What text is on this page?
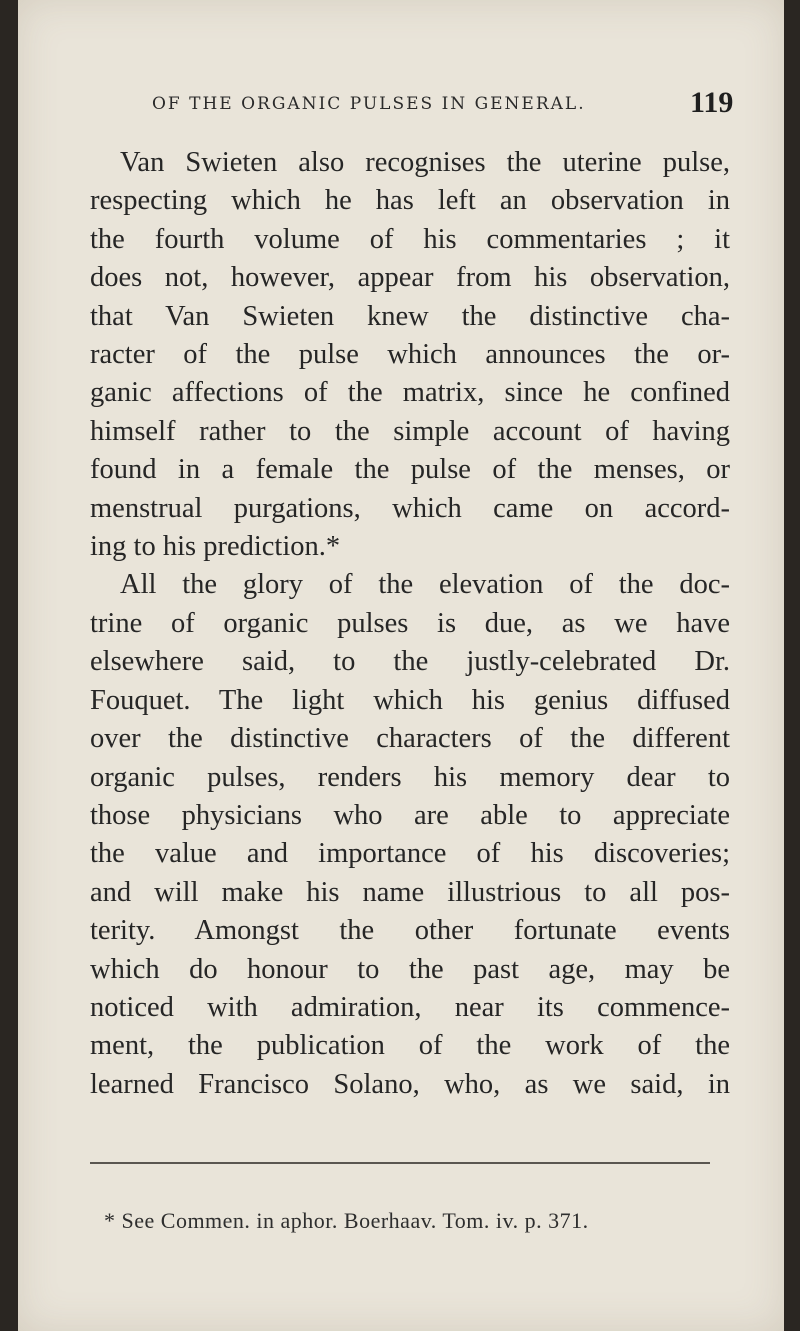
OF THE ORGANIC PULSES IN GENERAL.	119
Van Swieten also recognises the uterine pulse,
respecting which he has left an observation in
the fourth volume of his commentaries ; it
does not, however, appear from his observation,
that Van Swieten knew the distinctive cha-
racter of the pulse which announces the or-
ganic affections of the matrix, since he confined
himself rather to the simple account of having
found in a female the pulse of the menses, or
menstrual purgations, which came on accord-
ing to his prediction.*
All the glory of the elevation of the doc-
trine of organic pulses is due, as we have
elsewhere said, to the justly-celebrated Dr.
Fouquet. The light which his genius diffused
over the distinctive characters of the different
organic pulses, renders his memory dear to
those physicians who are able to appreciate
the value and importance of his discoveries;
and will make his name illustrious to all pos-
terity. Amongst the other fortunate events
which do honour to the past age, may be
noticed with admiration, near its commence-
ment, the publication of the work of the
learned Francisco Solano, who, as we said, in
* See Commen. in aphor. Boerhaav. Tom. iv. p. 371.
